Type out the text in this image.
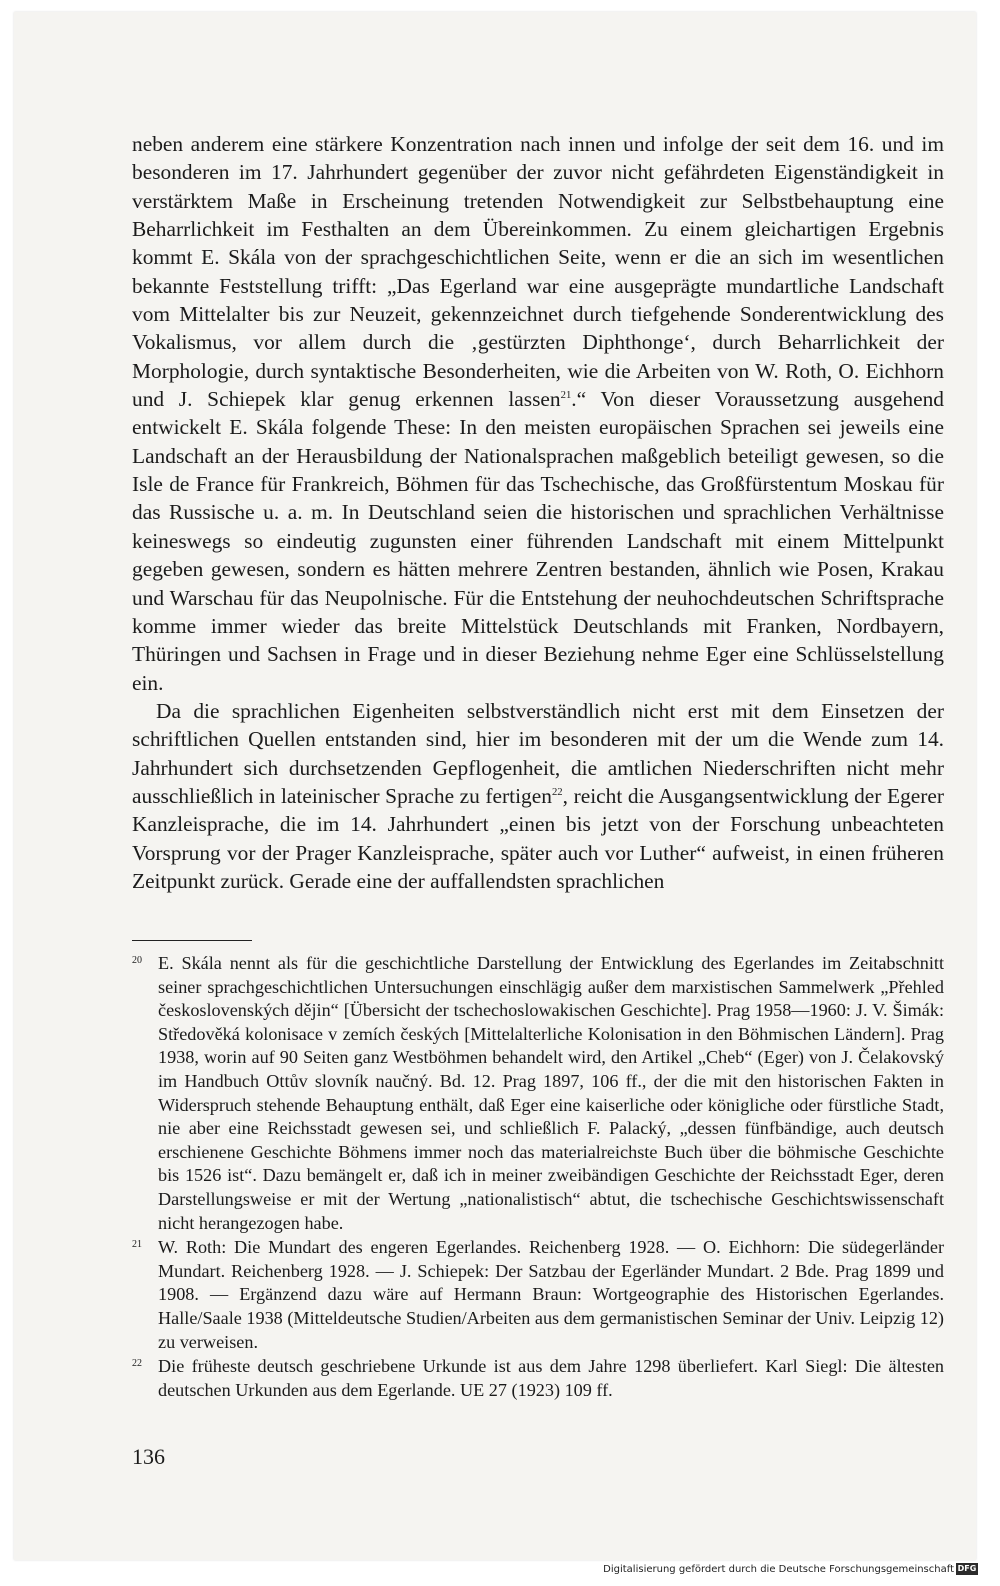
neben anderem eine stärkere Konzentration nach innen und infolge der seit dem 16. und im besonderen im 17. Jahrhundert gegenüber der zuvor nicht gefährdeten Eigenständigkeit in verstärktem Maße in Erscheinung tretenden Notwendigkeit zur Selbstbehauptung eine Beharrlichkeit im Festhalten an dem Übereinkommen. Zu einem gleichartigen Ergebnis kommt E. Skála von der sprachgeschichtlichen Seite, wenn er die an sich im wesentlichen bekannte Feststellung trifft: „Das Egerland war eine ausgeprägte mundartliche Landschaft vom Mittelalter bis zur Neuzeit, gekennzeichnet durch tiefgehende Sonderentwicklung des Vokalismus, vor allem durch die ‚gestürzten Diphthonge‘, durch Beharrlichkeit der Morphologie, durch syntaktische Besonderheiten, wie die Arbeiten von W. Roth, O. Eichhorn und J. Schiepek klar genug erkennen lassen$^{21}$.“ Von dieser Voraussetzung ausgehend entwickelt E. Skála folgende These: In den meisten europäischen Sprachen sei jeweils eine Landschaft an der Herausbildung der Nationalsprachen maßgeblich beteiligt gewesen, so die Isle de France für Frankreich, Böhmen für das Tschechische, das Großfürstentum Moskau für das Russische u. a. m. In Deutschland seien die historischen und sprachlichen Verhältnisse keineswegs so eindeutig zugunsten einer führenden Landschaft mit einem Mittelpunkt gegeben gewesen, sondern es hätten mehrere Zentren bestanden, ähnlich wie Posen, Krakau und Warschau für das Neupolnische. Für die Entstehung der neuhochdeutschen Schriftsprache komme immer wieder das breite Mittelstück Deutschlands mit Franken, Nordbayern, Thüringen und Sachsen in Frage und in dieser Beziehung nehme Eger eine Schlüsselstellung ein.

Da die sprachlichen Eigenheiten selbstverständlich nicht erst mit dem Einsetzen der schriftlichen Quellen entstanden sind, hier im besonderen mit der um die Wende zum 14. Jahrhundert sich durchsetzenden Gepflogenheit, die amtlichen Niederschriften nicht mehr ausschließlich in lateinischer Sprache zu fertigen$^{22}$, reicht die Ausgangsentwicklung der Egerer Kanzleisprache, die im 14. Jahrhundert „einen bis jetzt von der Forschung unbeachteten Vorsprung vor der Prager Kanzleisprache, später auch vor Luther“ aufweist, in einen früheren Zeitpunkt zurück. Gerade eine der auffallendsten sprachlichen

20 E. Skála nennt als für die geschichtliche Darstellung der Entwicklung des Egerlandes im Zeitabschnitt seiner sprachgeschichtlichen Untersuchungen einschlägig außer dem marxistischen Sammelwerk „Přehled československých dějin“ [Übersicht der tschechoslowakischen Geschichte]. Prag 1958—1960: J. V. Šimák: Středověká kolonisace v zemích českých [Mittelalterliche Kolonisation in den Böhmischen Ländern]. Prag 1938, worin auf 90 Seiten ganz Westböhmen behandelt wird, den Artikel „Cheb“ (Eger) von J. Čelakovský im Handbuch Ottův slovník naučný. Bd. 12. Prag 1897, 106 ff., der die mit den historischen Fakten in Widerspruch stehende Behauptung enthält, daß Eger eine kaiserliche oder königliche oder fürstliche Stadt, nie aber eine Reichsstadt gewesen sei, und schließlich F. Palacký, „dessen fünfbändige, auch deutsch erschienene Geschichte Böhmens immer noch das materialreichste Buch über die böhmische Geschichte bis 1526 ist“. Dazu bemängelt er, daß ich in meiner zweibändigen Geschichte der Reichsstadt Eger, deren Darstellungsweise er mit der Wertung „nationalistisch“ abtut, die tschechische Geschichtswissenschaft nicht herangezogen habe.
21 W. Roth: Die Mundart des engeren Egerlandes. Reichenberg 1928. — O. Eichhorn: Die südegerländer Mundart. Reichenberg 1928. — J. Schiepek: Der Satzbau der Egerländer Mundart. 2 Bde. Prag 1899 und 1908. — Ergänzend dazu wäre auf Hermann Braun: Wortgeographie des Historischen Egerlandes. Halle/Saale 1938 (Mitteldeutsche Studien/Arbeiten aus dem germanistischen Seminar der Univ. Leipzig 12) zu verweisen.
22 Die früheste deutsch geschriebene Urkunde ist aus dem Jahre 1298 überliefert. Karl Siegl: Die ältesten deutschen Urkunden aus dem Egerlande. UE 27 (1923) 109 ff.
136
Digitalisierung gefördert durch die Deutsche Forschungsgemeinschaft DFG
